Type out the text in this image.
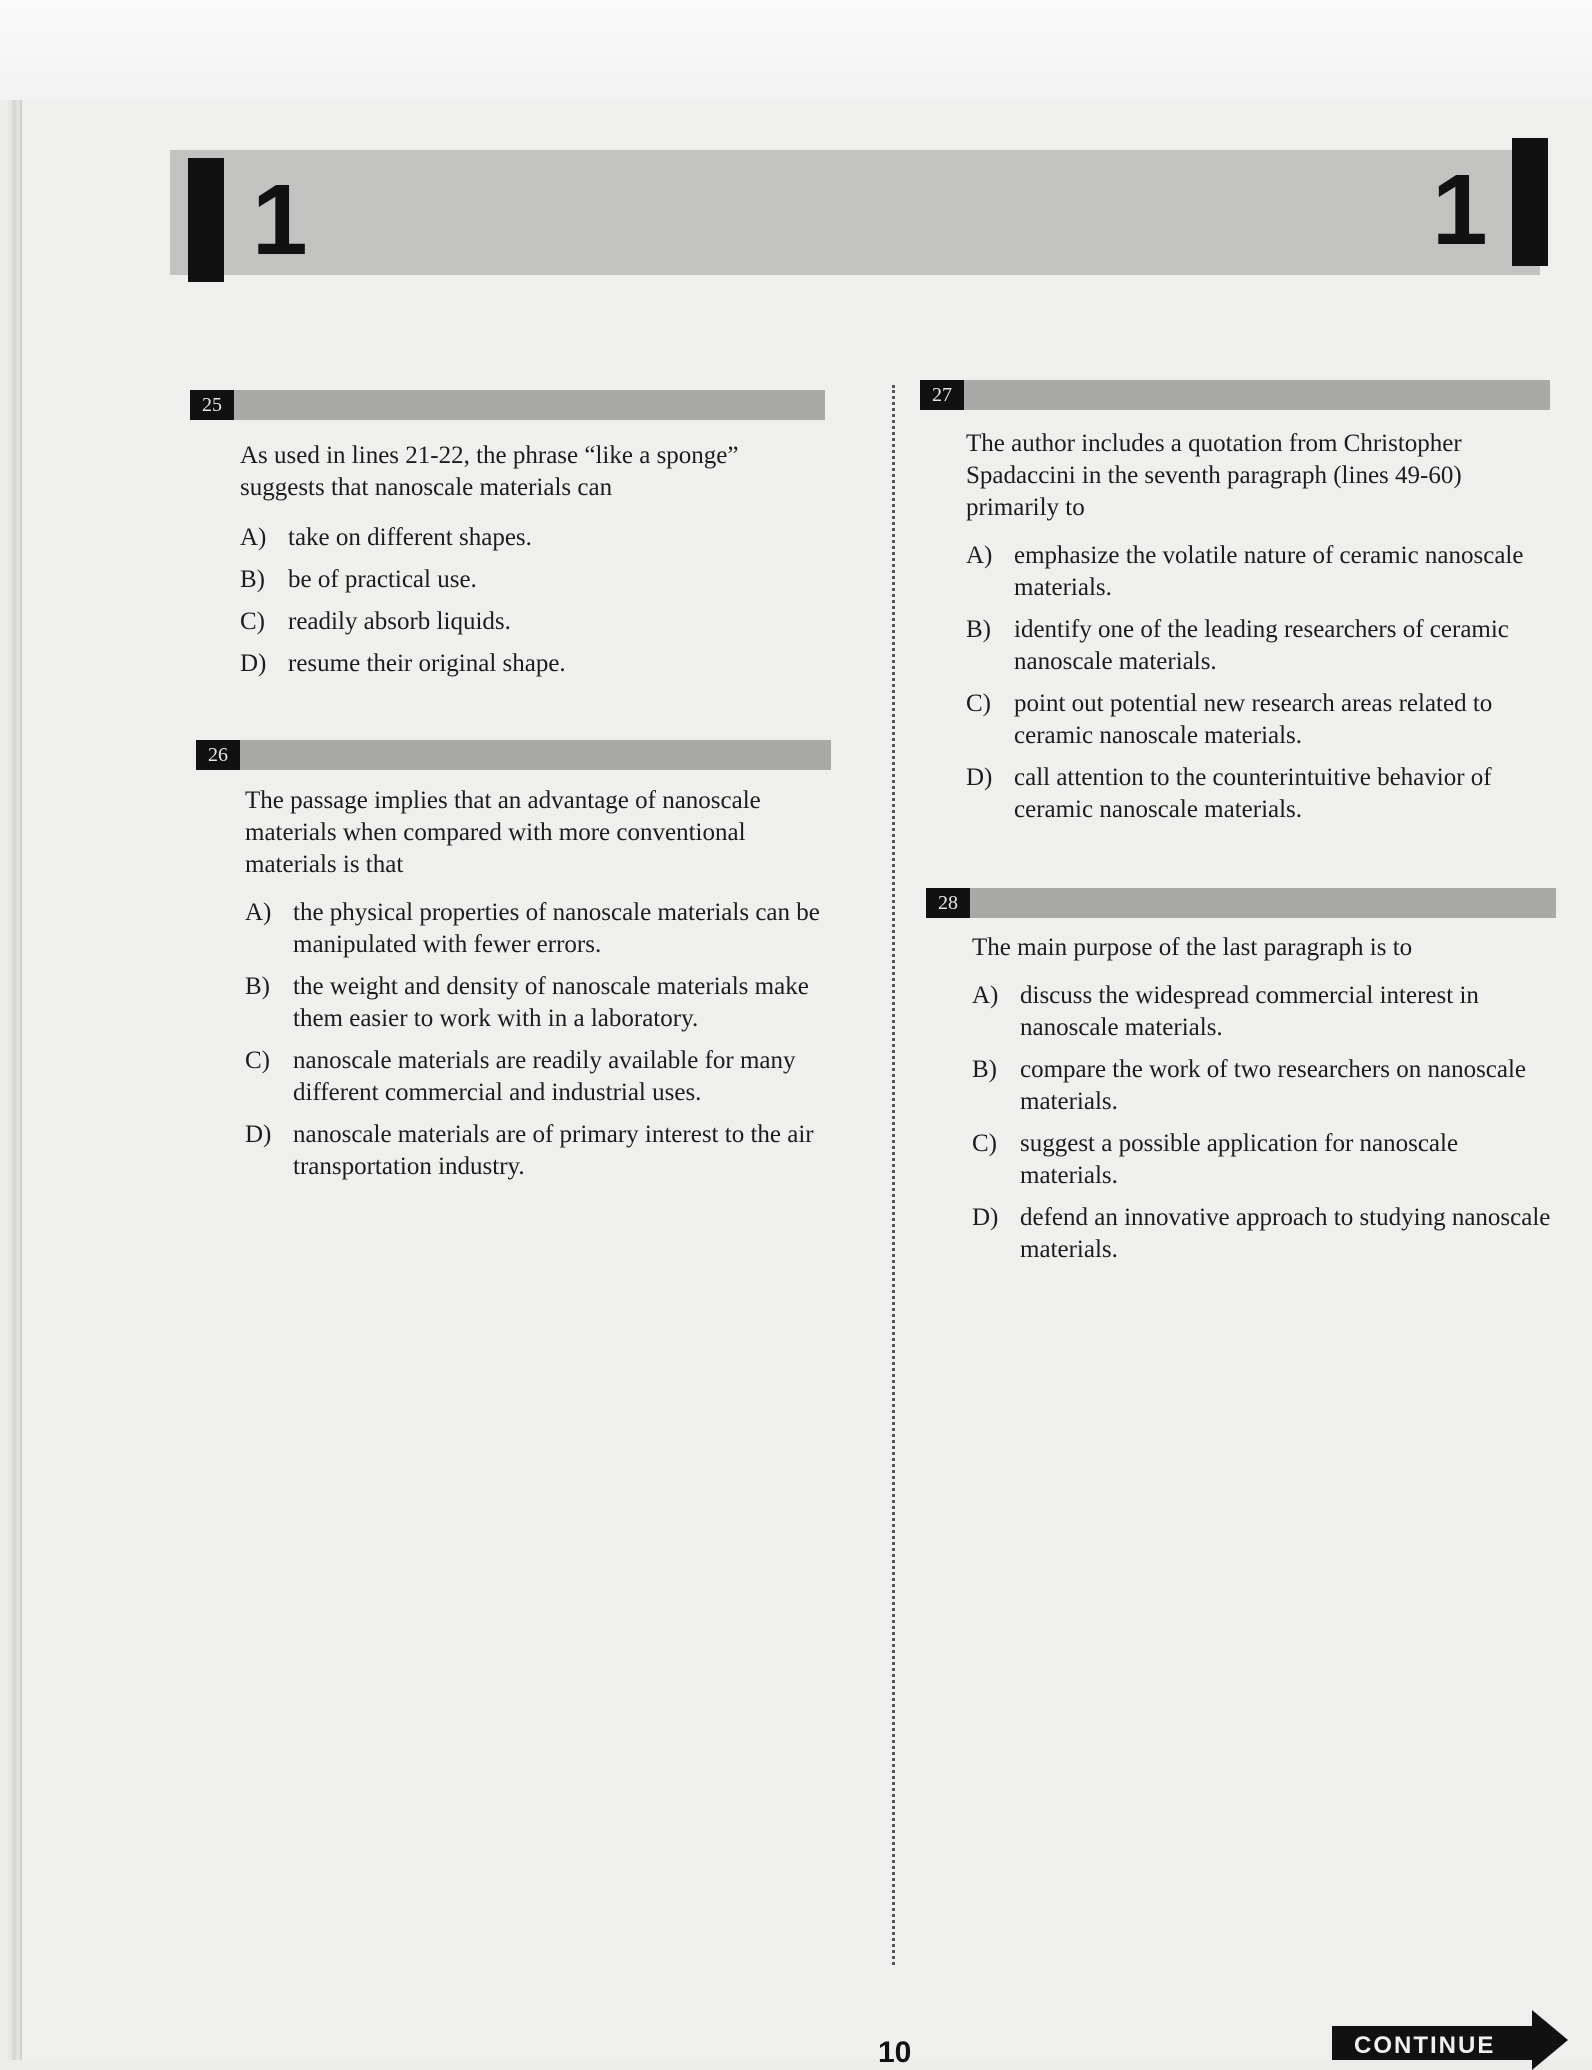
1	1
25
As used in lines 21-22, the phrase “like a sponge” suggests that nanoscale materials can
A) take on different shapes.
B) be of practical use.
C) readily absorb liquids.
D) resume their original shape.
26
The passage implies that an advantage of nanoscale materials when compared with more conventional materials is that
A) the physical properties of nanoscale materials can be manipulated with fewer errors.
B) the weight and density of nanoscale materials make them easier to work with in a laboratory.
C) nanoscale materials are readily available for many different commercial and industrial uses.
D) nanoscale materials are of primary interest to the air transportation industry.
27
The author includes a quotation from Christopher Spadaccini in the seventh paragraph (lines 49-60) primarily to
A) emphasize the volatile nature of ceramic nanoscale materials.
B) identify one of the leading researchers of ceramic nanoscale materials.
C) point out potential new research areas related to ceramic nanoscale materials.
D) call attention to the counterintuitive behavior of ceramic nanoscale materials.
28
The main purpose of the last paragraph is to
A) discuss the widespread commercial interest in nanoscale materials.
B) compare the work of two researchers on nanoscale materials.
C) suggest a possible application for nanoscale materials.
D) defend an innovative approach to studying nanoscale materials.
10	CONTINUE
